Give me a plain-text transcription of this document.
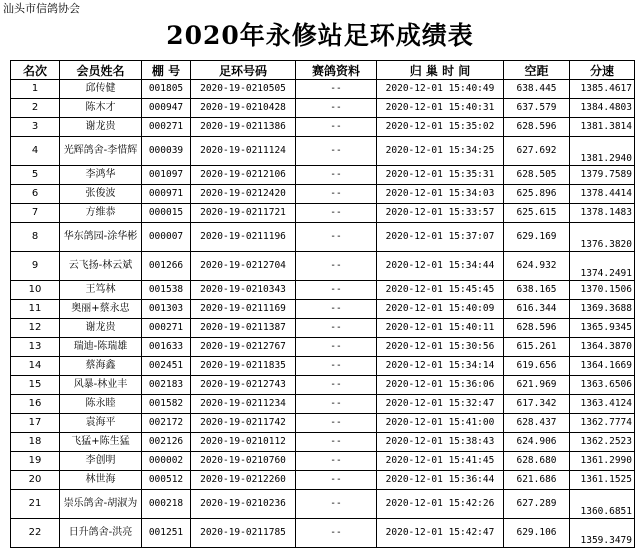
汕头市信鸽协会
2020年永修站足环成绩表
名次	会员姓名	棚 号	足环号码	赛鸽资料	归 巢 时 间	空距	分速
1	邱传健	001805	2020-19-0210505	--	2020-12-01 15:40:49	638.445	1385.4617
2	陈木才	000947	2020-19-0210428	--	2020-12-01 15:40:31	637.579	1384.4803
3	谢龙贵	000271	2020-19-0211386	--	2020-12-01 15:35:02	628.596	1381.3814
4	光辉鸽舍-李惜辉	000039	2020-19-0211124	--	2020-12-01 15:34:25	627.692	1381.2940
5	李鸿华	001097	2020-19-0212106	--	2020-12-01 15:35:31	628.505	1379.7589
6	张俊波	000971	2020-19-0212420	--	2020-12-01 15:34:03	625.896	1378.4414
7	方维恭	000015	2020-19-0211721	--	2020-12-01 15:33:57	625.615	1378.1483
8	华东鸽园-涂华彬	000007	2020-19-0211196	--	2020-12-01 15:37:07	629.169	1376.3820
9	云飞扬-林云斌	001266	2020-19-0212704	--	2020-12-01 15:34:44	624.932	1374.2491
10	王笃林	001538	2020-19-0210343	--	2020-12-01 15:45:45	638.165	1370.1506
11	奥丽+蔡永忠	001303	2020-19-0211169	--	2020-12-01 15:40:09	616.344	1369.3688
12	谢龙贵	000271	2020-19-0211387	--	2020-12-01 15:40:11	628.596	1365.9345
13	瑞迪-陈瑞雄	001633	2020-19-0212767	--	2020-12-01 15:30:56	615.261	1364.3870
14	蔡海鑫	002451	2020-19-0211835	--	2020-12-01 15:34:14	619.656	1364.1669
15	风暴-林业丰	002183	2020-19-0212743	--	2020-12-01 15:36:06	621.969	1363.6506
16	陈永睦	001582	2020-19-0211234	--	2020-12-01 15:32:47	617.342	1363.4124
17	袁海平	002172	2020-19-0211742	--	2020-12-01 15:41:00	628.437	1362.7774
18	飞猛+陈生猛	002126	2020-19-0210112	--	2020-12-01 15:38:43	624.906	1362.2523
19	李创明	000002	2020-19-0210760	--	2020-12-01 15:41:45	628.680	1361.2990
20	林世海	000512	2020-19-0212260	--	2020-12-01 15:36:44	621.686	1361.1525
21	崇乐鸽舍-胡淑为	000218	2020-19-0210236	--	2020-12-01 15:42:26	627.289	1360.6851
22	日升鸽舍-洪亮	001251	2020-19-0211785	--	2020-12-01 15:42:47	629.106	1359.3479
